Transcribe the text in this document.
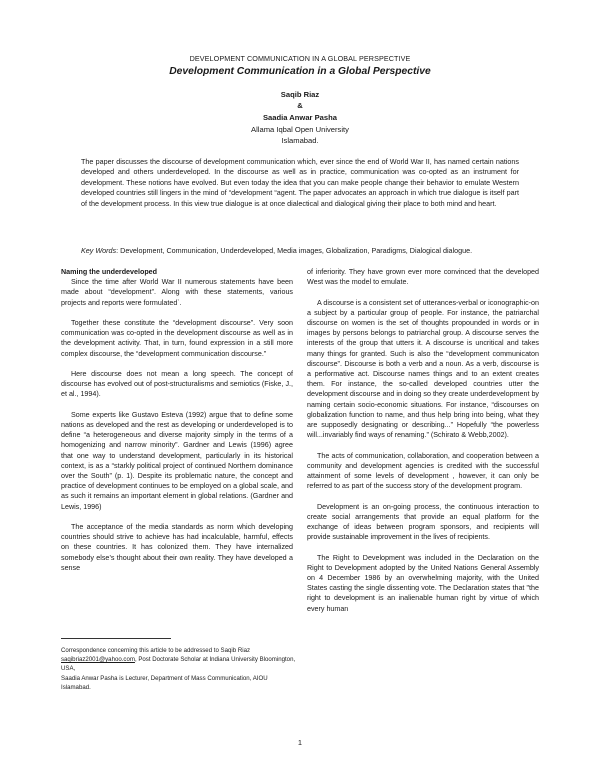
DEVELOPMENT COMMUNICATION IN A GLOBAL PERSPECTIVE
Development Communication in a Global Perspective
Saqib Riaz
&
Saadia Anwar Pasha
Allama Iqbal Open University
Islamabad.
The paper discusses the discourse of development communication which, ever since the end of World War II, has named certain nations developed and others underdeveloped. In the discourse as well as in practice, communication was co-opted as an instrument for development. These notions have evolved. But even today the idea that you can make people change their behavior to emulate Western developed countries still lingers in the mind of “development “agent. The paper advocates an approach in which true dialogue is itself part of the development process. In this view true dialogue is at once dialectical and dialogical giving their place to both mind and heart.
Key Words: Development, Communication, Underdeveloped, Media images, Globalization, Paradigms, Dialogical dialogue.

Naming the underdeveloped

Since the time after World War II numerous statements have been made about “development”. Along with these statements, various projects and reports were formulated`.

Together these constitute the “development discourse”. Very soon communication was co-opted in the development discourse as well as in the development activity. That, in turn, found expression in a still more complex discourse, the “development communication discourse.”

Here discourse does not mean a long speech. The concept of discourse has evolved out of post-structuralisms and semiotics (Fiske, J., et al., 1994).

Some experts like Gustavo Esteva (1992) argue that to define some nations as developed and the rest as developing or underdeveloped is to define “a heterogeneous and diverse majority simply in the terms of a homogenizing and narrow minority”. Gardner and Lewis (1996) agree that one way to understand development, particularly in its historical context, is as a “starkly political project of continued Northern dominance over the South” (p. 1). Despite its problematic nature, the concept and practice of development continues to be employed on a global scale, and as such it remains an important element in global relations. (Gardner and Lewis, 1996)

The acceptance of the media standards as norm which developing countries should strive to achieve has had incalculable, harmful, effects on these countries. It has colonized them. They have internalized somebody else’s thought about their own reality. They have developed a sense

of inferiority. They have grown ever more convinced that the developed West was the model to emulate.

A discourse is a consistent set of utterances-verbal or iconographic-on a subject by a particular group of people. For instance, the patriarchal discourse on women is the set of thoughts propounded in words or in images by persons belongs to patriarchal group. A discourse serves the interests of the group that utters it. A discourse is uncritical and takes many things for granted. Such is also the “development communicaton discourse”. Discourse is both a verb and a noun. As a verb, discourse is a performative act. Discourse names things and to an extent creates them. For instance, the so-called developed countries utter the development discourse and in doing so they create underdevelopment by naming certain socio-economic situations. For instance, “discourses on globalization function to name, and thus help bring into being, what they are supposedly designating or describing...” Hopefully “the powerless will...invariably find ways of renaming.” (Schirato & Webb,2002).

The acts of communication, collaboration, and cooperation between a community and development agencies is credited with the successful attainment of some levels of development , however, it can only be referred to as part of the success story of the development program.

Development is an on-going process, the continuous interaction to create social arrangements that provide an equal platform for the exchange of ideas between program sponsors, and recipients will provide sustainable improvement in the lives of recipients.

The Right to Development was included in the Declaration on the Right to Development adopted by the United Nations General Assembly on 4 December 1986 by an overwhelming majority, with the United States casting the single dissenting vote. The Declaration states that "the right to development is an inalienable human right by virtue of which every human

Correspondence concerning this article to be addressed to Saqib Riaz
saqibriaz2001@yahoo.com, Post Doctorate Scholar at Indiana University Bloomington, USA,
Saadia Anwar Pasha is Lecturer, Department of Mass Communication, AIOU Islamabad.
1
